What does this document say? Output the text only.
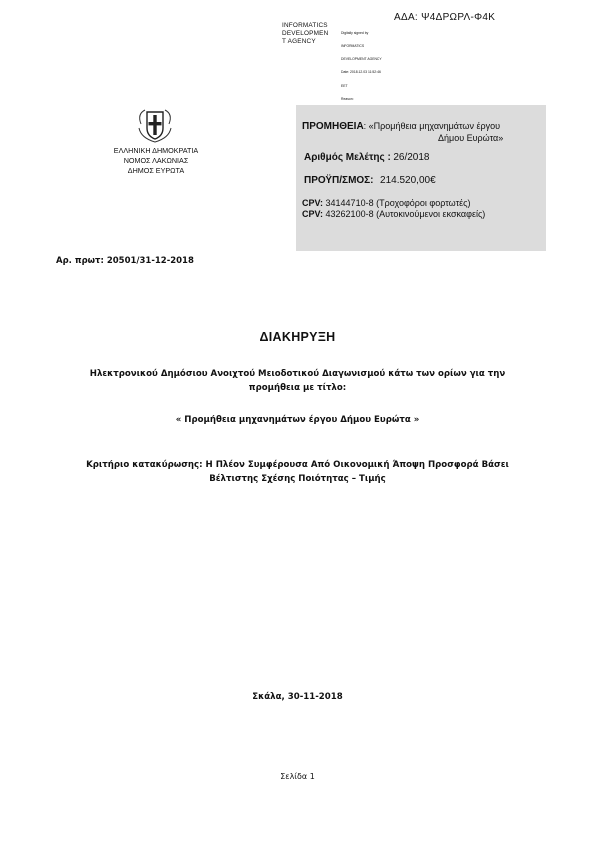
ΑΔΑ: Ψ4ΔΡΩΡΛ-Φ4Κ
INFORMATICS
DEVELOPMEN
T AGENCY

Digitally signed by

INFORMATICS

DEVELOPMENT AGENCY

Date: 2018.12.03 11:52:46

EET

Reason:

ΕΛΛΗΝΙΚΗ ΔΗΜΟΚΡΑΤΙΑ
ΝΟΜΟΣ ΛΑΚΩΝΙΑΣ
ΔΗΜΟΣ ΕΥΡΩΤΑ
ΠΡΟΜΗΘΕΙΑ: «Προμήθεια μηχανημάτων έργου
Δήμου Ευρώτα»
Αριθμός Μελέτης : 26/2018
ΠΡΟΫΠ/ΣΜΟΣ: 214.520,00€
CPV: 34144710-8 (Τροχοφόροι φορτωτές)
CPV: 43262100-8 (Αυτοκινούμενοι εκσκαφείς)
Αρ. πρωτ: 20501/31-12-2018
ΔΙΑΚΗΡΥΞΗ
Ηλεκτρονικού Δημόσιου Ανοιχτού Μειοδοτικού Διαγωνισμού κάτω των ορίων για την
προμήθεια με τίτλο:
« Προμήθεια μηχανημάτων έργου Δήμου Ευρώτα »
Κριτήριο κατακύρωσης: Η Πλέον Συμφέρουσα Από Οικονομική Άποψη Προσφορά Βάσει
Βέλτιστης Σχέσης Ποιότητας – Τιμής
Σκάλα, 30-11-2018
Σελίδα 1
